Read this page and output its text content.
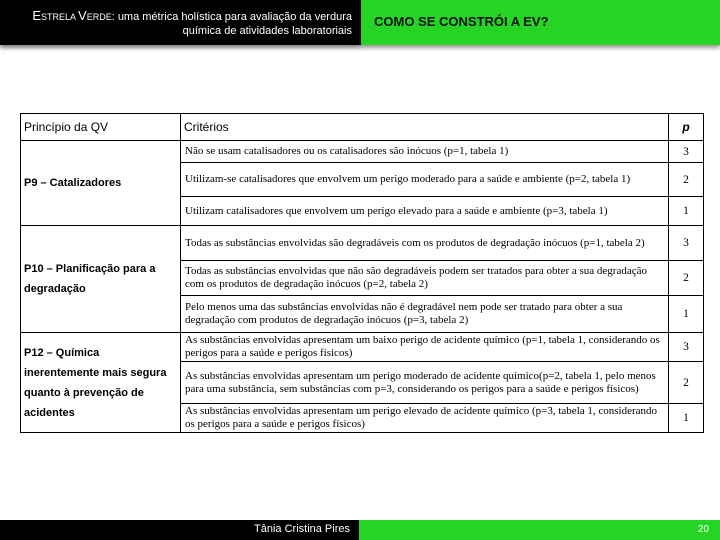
ESTRELA VERDE: uma métrica holística para avaliação da verdura
química de atividades laboratoriais
COMO SE CONSTRÓI A EV?
Princípio da QV	Critérios	p
P9 – Catalizadores	Não se usam catalisadores ou os catalisadores são inócuos (p=1, tabela 1)	3
	Utilizam-se catalisadores que envolvem um perigo moderado para a saúde e ambiente (p=2, tabela 1)	2
	Utilizam catalisadores que envolvem um perigo elevado para a saúde e ambiente (p=3, tabela 1)	1
P10 – Planificação para a degradação	Todas as substâncias envolvidas são degradáveis com os produtos de degradação inócuos (p=1, tabela 2)	3
	Todas as substâncias envolvidas que não são degradáveis podem ser tratados para obter a sua degradação com os produtos de degradação inócuos (p=2, tabela 2)	2
	Pelo menos uma das substâncias envolvidas não é degradável nem pode ser tratado para obter a sua degradação com produtos de degradação inócuos (p=3, tabela 2)	1
P12 – Química inerentemente mais segura quanto à prevenção de acidentes	As substâncias envolvidas apresentam um baixo perigo de acidente químico (p=1, tabela 1, considerando os perigos para a saúde e perigos físicos)	3
	As substâncias envolvidas apresentam um perigo moderado de acidente químico(p=2, tabela 1, pelo menos para uma substância, sem substâncias com p=3, considerando os perigos para a saúde e perigos físicos)	2
	As substâncias envolvidas apresentam um perigo elevado de acidente químico (p=3, tabela 1, considerando os perigos para a saúde e perigos físicos)	1
Tânia Cristina Pires	20
